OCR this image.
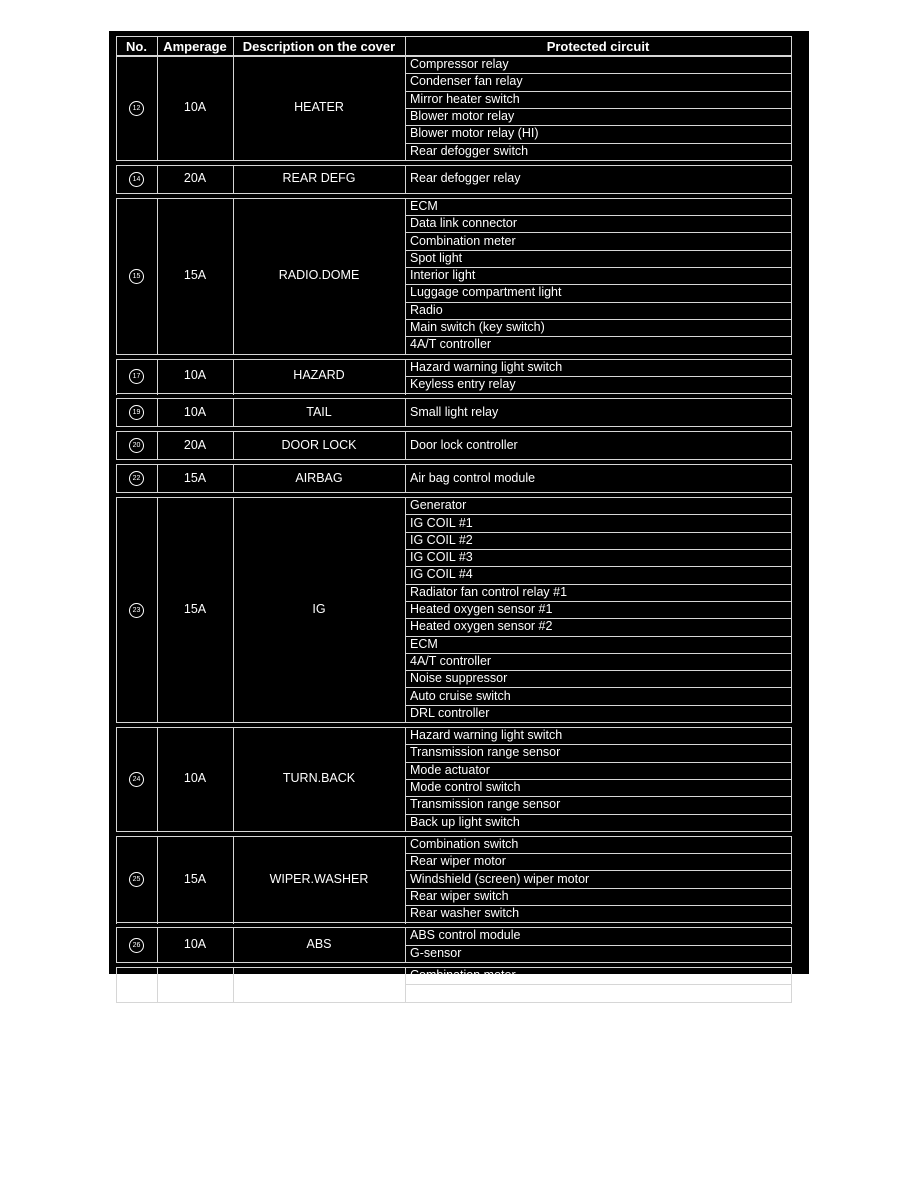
No.	Amperage	Description on the cover	Protected circuit
12	10A	HEATER
Compressor relay
Condenser fan relay
Mirror heater switch
Blower motor relay
Blower motor relay (HI)
Rear defogger switch
14	20A	REAR DEFG	Rear defogger relay
15	15A	RADIO.DOME
ECM
Data link connector
Combination meter
Spot light
Interior light
Luggage compartment light
Radio
Main switch (key switch)
4A/T controller
17	10A	HAZARD
Hazard warning light switch
Keyless entry relay
19	10A	TAIL	Small light relay
20	20A	DOOR LOCK	Door lock controller
22	15A	AIRBAG	Air bag control module
23	15A	IG
Generator
IG COIL #1
IG COIL #2
IG COIL #3
IG COIL #4
Radiator fan control relay #1
Heated oxygen sensor #1
Heated oxygen sensor #2
ECM
4A/T controller
Noise suppressor
Auto cruise switch
DRL controller
24	10A	TURN.BACK
Hazard warning light switch
Transmission range sensor
Mode actuator
Mode control switch
Transmission range sensor
Back up light switch
25	15A	WIPER.WASHER
Combination switch
Rear wiper motor
Windshield (screen) wiper motor
Rear wiper switch
Rear washer switch
26	10A	ABS
ABS control module
G-sensor
27	10A	METER
Combination meter
Warning buzzer controller
